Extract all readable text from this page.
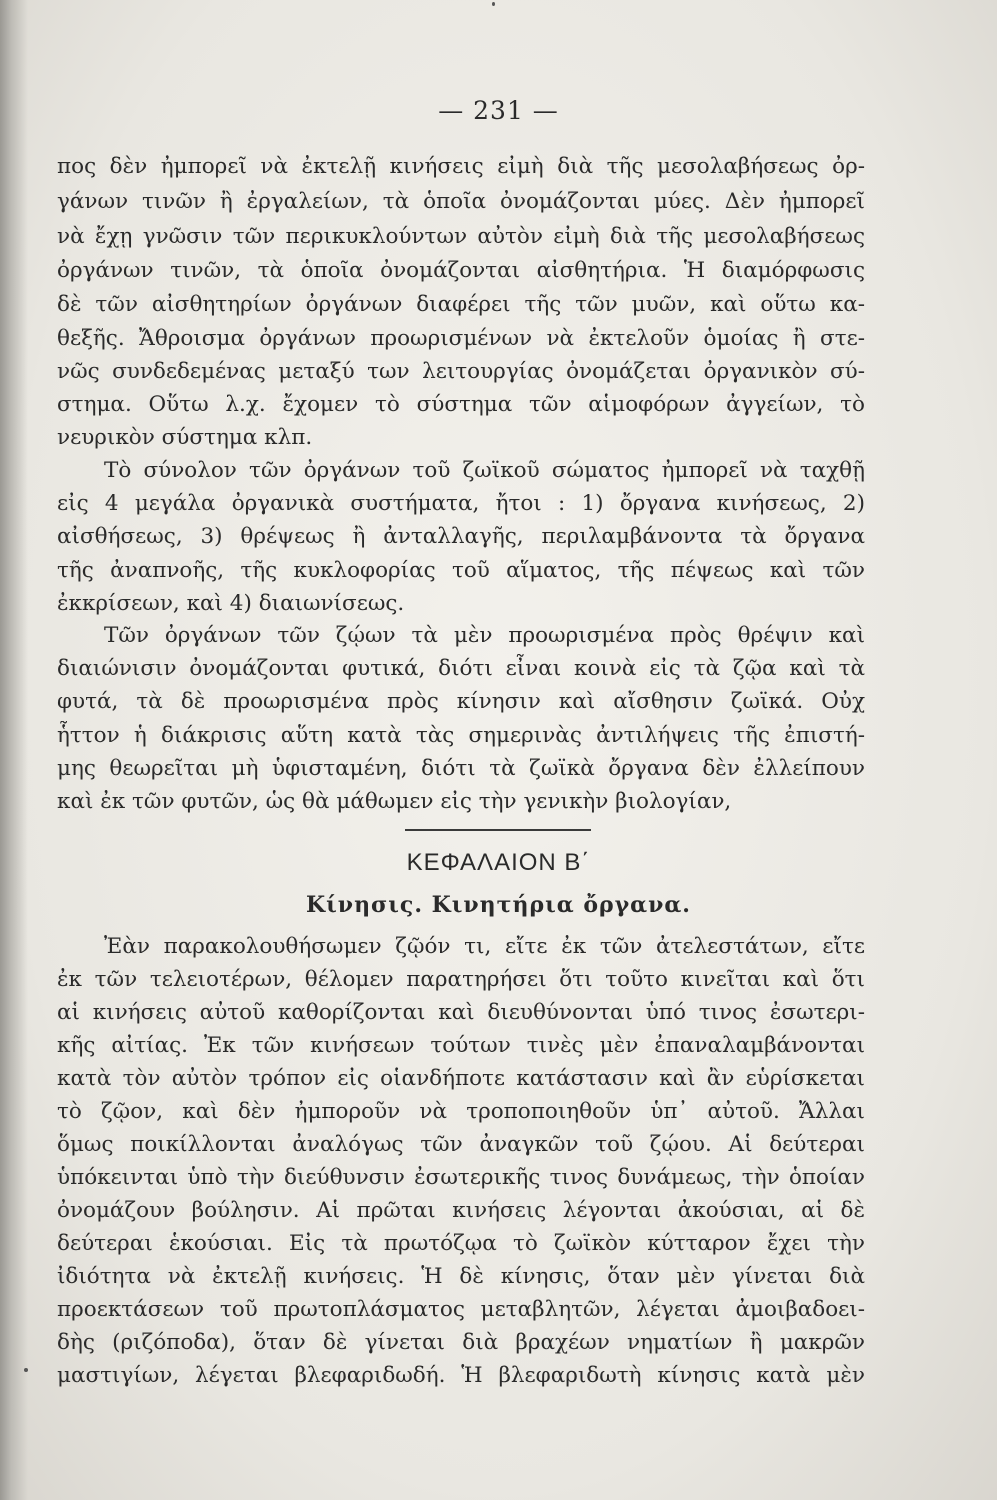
— 231 —
πος δὲν ἠμπορεῖ νὰ ἐκτελῇ κινήσεις εἰμὴ διὰ τῆς μεσολαβήσεως ὀρ-
γάνων τινῶν ἢ ἐργαλείων, τὰ ὁποῖα ὀνομάζονται μύες. Δὲν ἠμπορεῖ
νὰ ἔχῃ γνῶσιν τῶν περικυκλούντων αὐτὸν εἰμὴ διὰ τῆς μεσολαβήσεως
ὀργάνων τινῶν, τὰ ὁποῖα ὀνομάζονται αἰσθητήρια. Ἡ διαμόρφωσις
δὲ τῶν αἰσθητηρίων ὀργάνων διαφέρει τῆς τῶν μυῶν, καὶ οὕτω κα-
θεξῆς. Ἄθροισμα ὀργάνων προωρισμένων νὰ ἐκτελοῦν ὁμοίας ἢ στε-
νῶς συνδεδεμένας μεταξύ των λειτουργίας ὀνομάζεται ὀργανικὸν σύ-
στημα. Οὕτω λ.χ. ἔχομεν τὸ σύστημα τῶν αἱμοφόρων ἀγγείων, τὸ
νευρικὸν σύστημα κλπ.
Τὸ σύνολον τῶν ὀργάνων τοῦ ζωϊκοῦ σώματος ἠμπορεῖ νὰ ταχθῇ
εἰς 4 μεγάλα ὀργανικὰ συστήματα, ἤτοι : 1) ὄργανα κινήσεως, 2)
αἰσθήσεως, 3) θρέψεως ἢ ἀνταλλαγῆς, περιλαμβάνοντα τὰ ὄργανα
τῆς ἀναπνοῆς, τῆς κυκλοφορίας τοῦ αἵματος, τῆς πέψεως καὶ τῶν
ἐκκρίσεων, καὶ 4) διαιωνίσεως.
Τῶν ὀργάνων τῶν ζῴων τὰ μὲν προωρισμένα πρὸς θρέψιν καὶ
διαιώνισιν ὀνομάζονται φυτικά, διότι εἶναι κοινὰ εἰς τὰ ζῷα καὶ τὰ
φυτά, τὰ δὲ προωρισμένα πρὸς κίνησιν καὶ αἴσθησιν ζωϊκά. Οὐχ
ἧττον ἡ διάκρισις αὕτη κατὰ τὰς σημερινὰς ἀντιλήψεις τῆς ἐπιστή-
μης θεωρεῖται μὴ ὑφισταμένη, διότι τὰ ζωϊκὰ ὄργανα δὲν ἐλλείπουν
καὶ ἐκ τῶν φυτῶν, ὡς θὰ μάθωμεν εἰς τὴν γενικὴν βιολογίαν,
ΚΕΦΑΛΑΙΟΝ Β΄
Κίνησις. Κινητήρια ὄργανα.
Ἐὰν παρακολουθήσωμεν ζῷόν τι, εἴτε ἐκ τῶν ἀτελεστάτων, εἴτε
ἐκ τῶν τελειοτέρων, θέλομεν παρατηρήσει ὅτι τοῦτο κινεῖται καὶ ὅτι
αἱ κινήσεις αὐτοῦ καθορίζονται καὶ διευθύνονται ὑπό τινος ἐσωτερι-
κῆς αἰτίας. Ἐκ τῶν κινήσεων τούτων τινὲς μὲν ἐπαναλαμβάνονται
κατὰ τὸν αὐτὸν τρόπον εἰς οἱανδήποτε κατάστασιν καὶ ἂν εὑρίσκεται
τὸ ζῷον, καὶ δὲν ἠμποροῦν νὰ τροποποιηθοῦν ὑπ᾽ αὐτοῦ. Ἄλλαι
ὅμως ποικίλλονται ἀναλόγως τῶν ἀναγκῶν τοῦ ζῴου. Αἱ δεύτεραι
ὑπόκεινται ὑπὸ τὴν διεύθυνσιν ἐσωτερικῆς τινος δυνάμεως, τὴν ὁποίαν
ὀνομάζουν βούλησιν. Αἱ πρῶται κινήσεις λέγονται ἀκούσιαι, αἱ δὲ
δεύτεραι ἑκούσιαι. Εἰς τὰ πρωτόζῳα τὸ ζωϊκὸν κύτταρον ἔχει τὴν
ἰδιότητα νὰ ἐκτελῇ κινήσεις. Ἡ δὲ κίνησις, ὅταν μὲν γίνεται διὰ
προεκτάσεων τοῦ πρωτοπλάσματος μεταβλητῶν, λέγεται ἀμοιβαδοει-
δὴς (ριζόποδα), ὅταν δὲ γίνεται διὰ βραχέων νηματίων ἢ μακρῶν
μαστιγίων, λέγεται βλεφαριδωδή. Ἡ βλεφαριδωτὴ κίνησις κατὰ μὲν
